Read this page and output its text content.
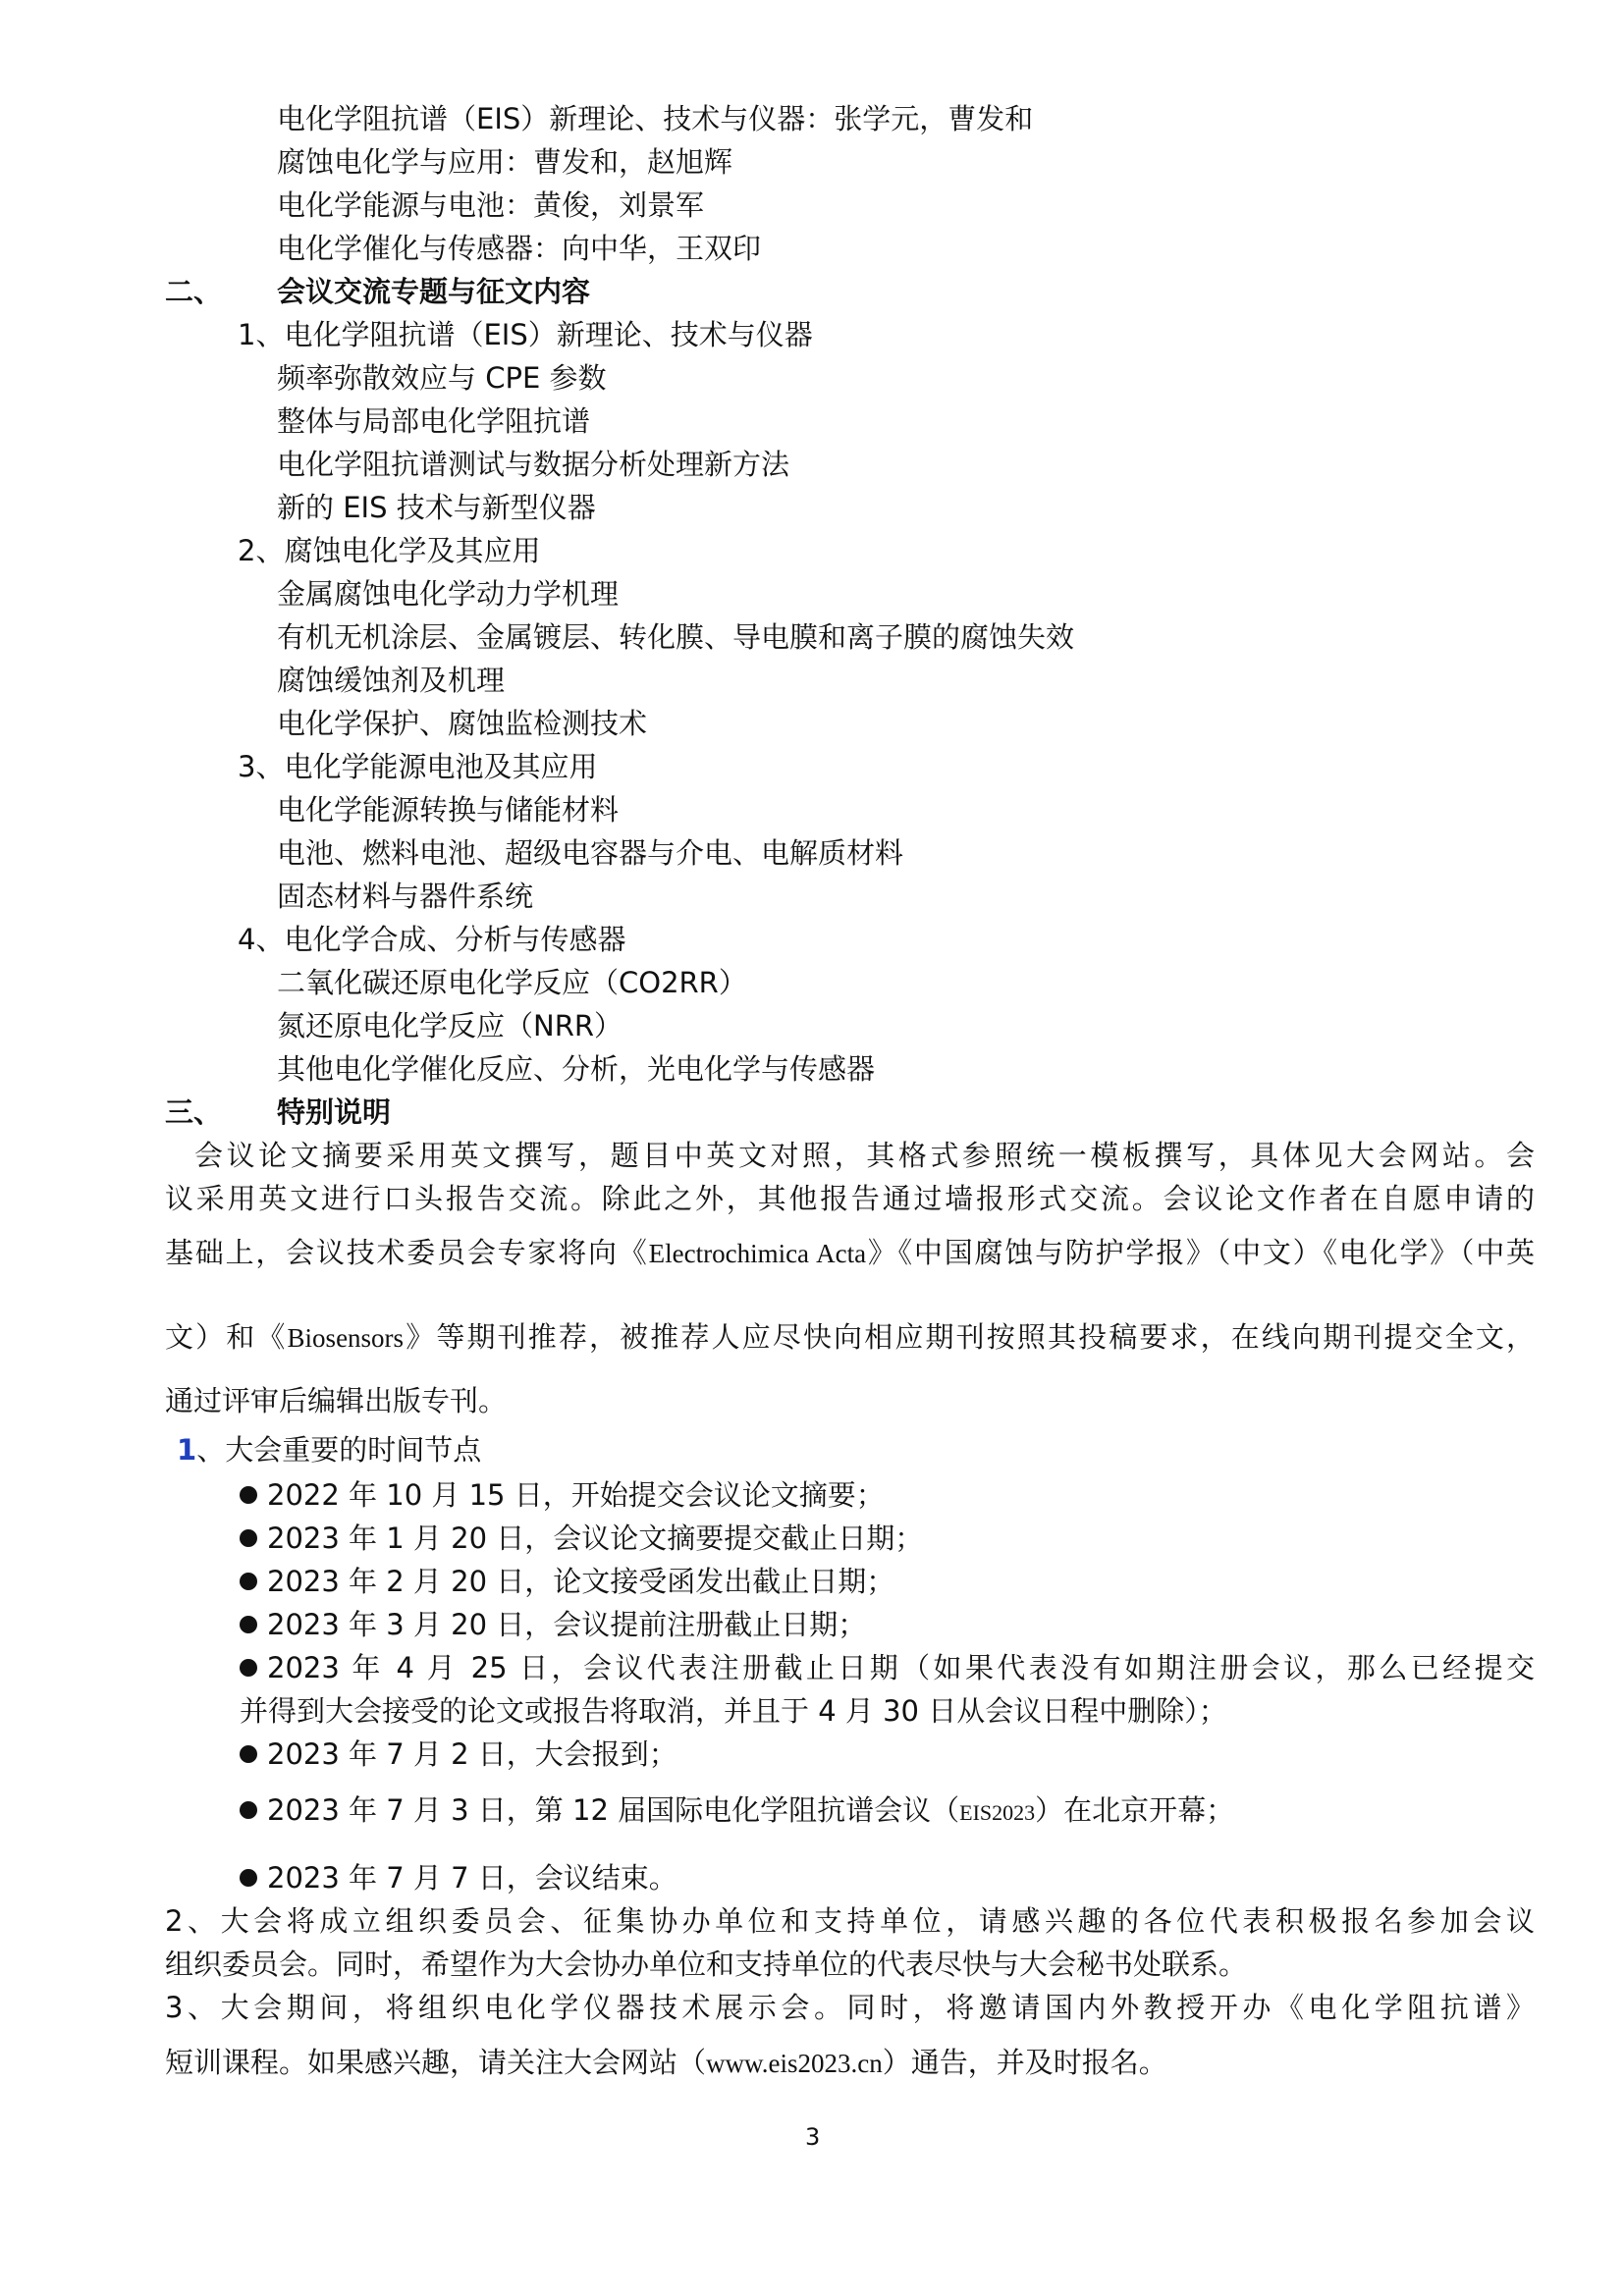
电化学阻抗谱（EIS）新理论、技术与仪器：张学元，曹发和
腐蚀电化学与应用：曹发和，赵旭辉
电化学能源与电池：黄俊，刘景军
电化学催化与传感器：向中华，王双印
二、 会议交流专题与征文内容
1、电化学阻抗谱（EIS）新理论、技术与仪器
频率弥散效应与 CPE 参数
整体与局部电化学阻抗谱
电化学阻抗谱测试与数据分析处理新方法
新的 EIS 技术与新型仪器
2、腐蚀电化学及其应用
金属腐蚀电化学动力学机理
有机无机涂层、金属镀层、转化膜、导电膜和离子膜的腐蚀失效
腐蚀缓蚀剂及机理
电化学保护、腐蚀监检测技术
3、电化学能源电池及其应用
电化学能源转换与储能材料
电池、燃料电池、超级电容器与介电、电解质材料
固态材料与器件系统
4、电化学合成、分析与传感器
二氧化碳还原电化学反应（CO2RR）
氮还原电化学反应（NRR）
其他电化学催化反应、分析，光电化学与传感器
三、 特别说明
会议论文摘要采用英文撰写，题目中英文对照，其格式参照统一模板撰写，具体见大会网站。会
议采用英文进行口头报告交流。除此之外，其他报告通过墙报形式交流。会议论文作者在自愿申请的
基础上，会议技术委员会专家将向《Electrochimica Acta》《中国腐蚀与防护学报》（中文）《电化学》（中英
文）和《Biosensors》等期刊推荐，被推荐人应尽快向相应期刊按照其投稿要求，在线向期刊提交全文，
通过评审后编辑出版专刊。
1、大会重要的时间节点
2022 年 10 月 15 日，开始提交会议论文摘要；
2023 年 1 月 20 日，会议论文摘要提交截止日期；
2023 年 2 月 20 日，论文接受函发出截止日期；
2023 年 3 月 20 日，会议提前注册截止日期；
2023 年 4 月 25 日，会议代表注册截止日期（如果代表没有如期注册会议，那么已经提交
并得到大会接受的论文或报告将取消，并且于 4 月 30 日从会议日程中删除）；
2023 年 7 月 2 日，大会报到；
2023 年 7 月 3 日，第 12 届国际电化学阻抗谱会议（EIS2023）在北京开幕；
2023 年 7 月 7 日，会议结束。
2、大会将成立组织委员会、征集协办单位和支持单位，请感兴趣的各位代表积极报名参加会议
组织委员会。同时，希望作为大会协办单位和支持单位的代表尽快与大会秘书处联系。
3、大会期间，将组织电化学仪器技术展示会。同时，将邀请国内外教授开办《电化学阻抗谱》
短训课程。如果感兴趣，请关注大会网站（www.eis2023.cn）通告，并及时报名。
3
